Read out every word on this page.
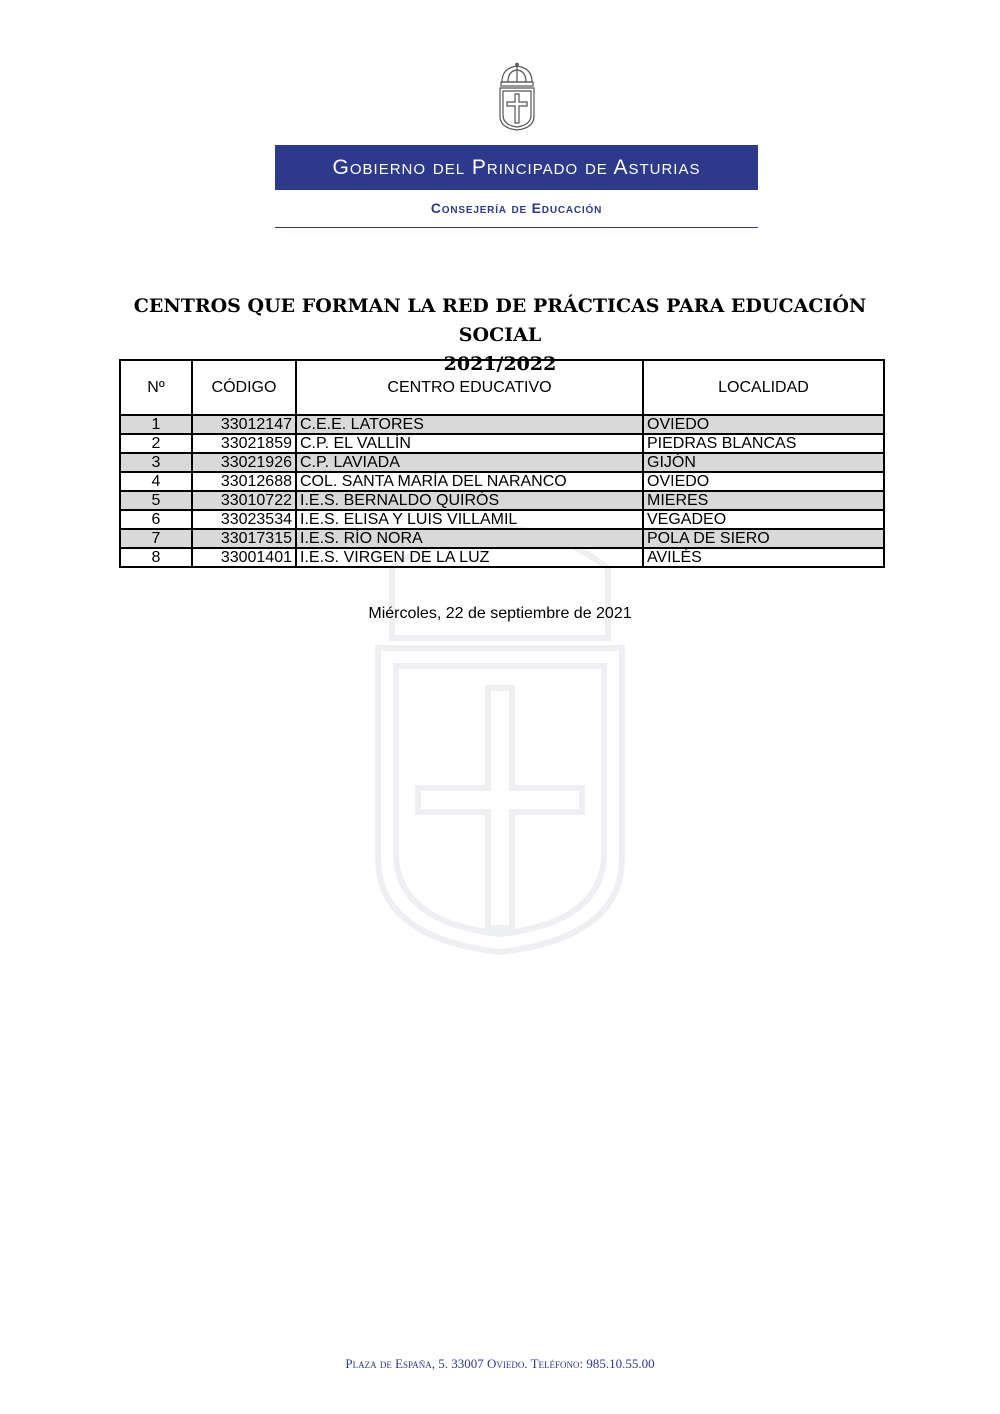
Gobierno del Principado de Asturias
Consejería de Educación
CENTROS QUE FORMAN LA RED DE PRÁCTICAS PARA EDUCACIÓN SOCIAL
2021/2022
Nº	CÓDIGO	CENTRO EDUCATIVO	LOCALIDAD
1	33012147	C.E.E. LATORES	OVIEDO
2	33021859	C.P. EL VALLÍN	PIEDRAS BLANCAS
3	33021926	C.P. LAVIADA	GIJÓN
4	33012688	COL. SANTA MARÍA DEL NARANCO	OVIEDO
5	33010722	I.E.S. BERNALDO QUIRÓS	MIERES
6	33023534	I.E.S. ELISA Y LUIS VILLAMIL	VEGADEO
7	33017315	I.E.S. RÍO NORA	POLA DE SIERO
8	33001401	I.E.S. VIRGEN DE LA LUZ	AVILÉS
Miércoles, 22 de septiembre de 2021
Plaza de España, 5. 33007 Oviedo. Teléfono: 985.10.55.00
